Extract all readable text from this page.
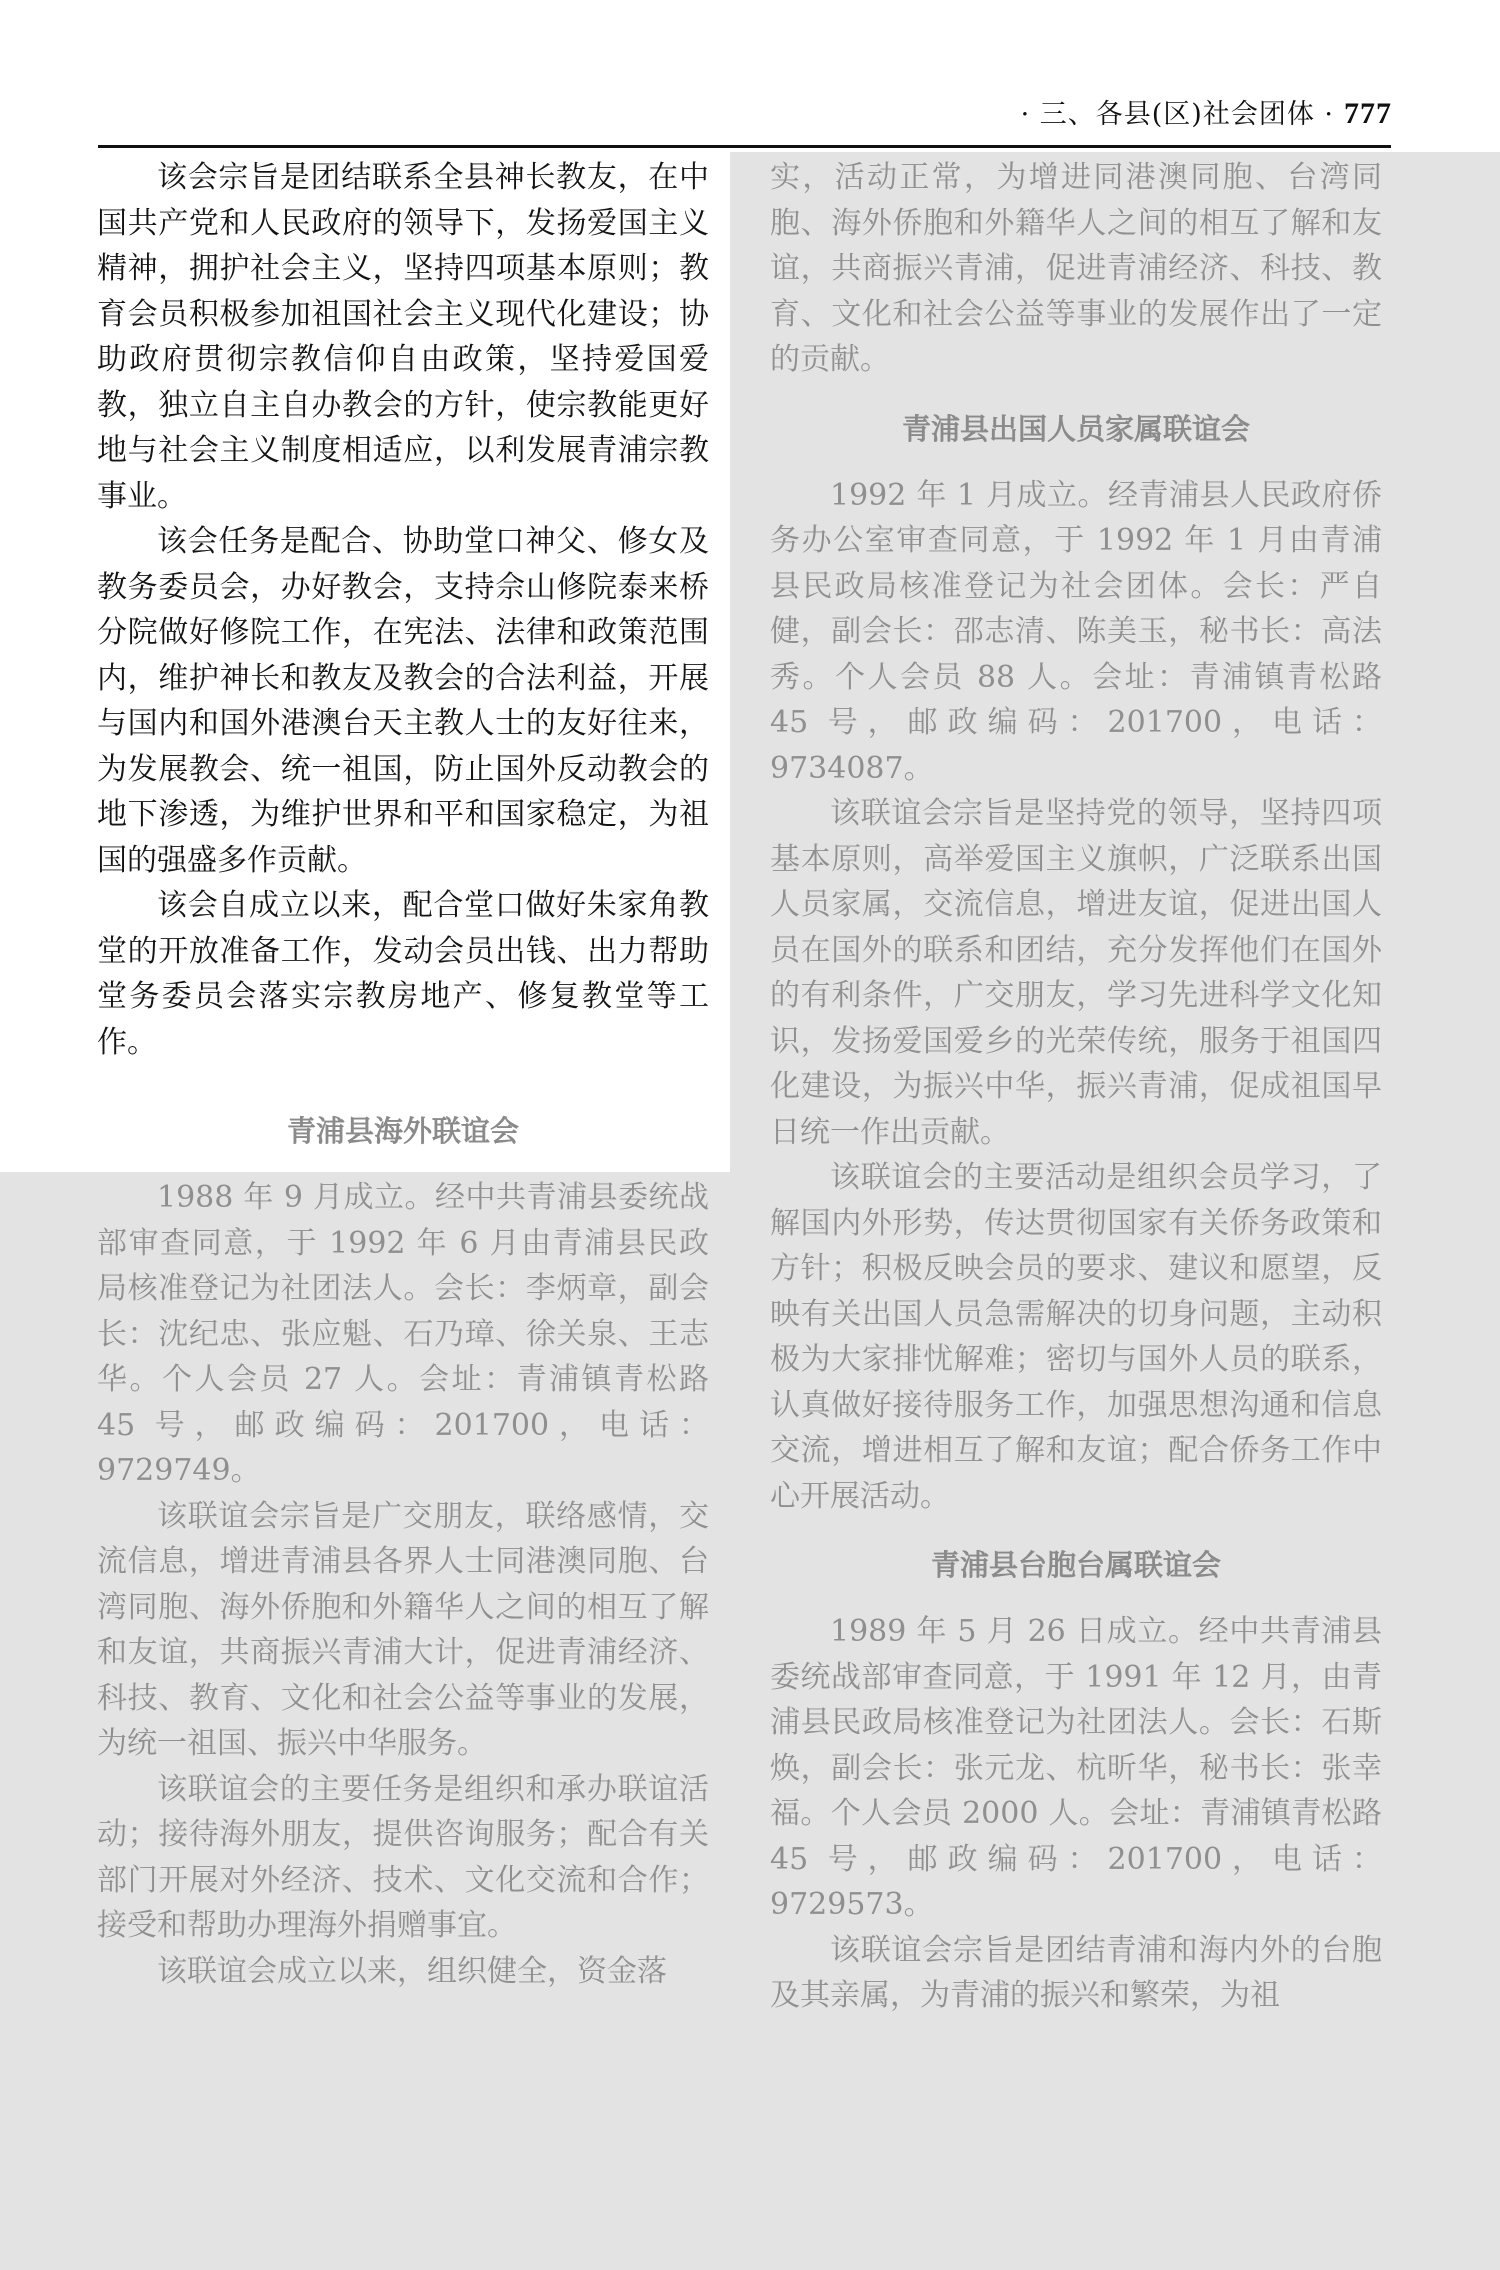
· 三、各县(区)社会团体 · 777

该会宗旨是团结联系全县神长教友，在中国共产党和人民政府的领导下，发扬爱国主义精神，拥护社会主义，坚持四项基本原则；教育会员积极参加祖国社会主义现代化建设；协助政府贯彻宗教信仰自由政策，坚持爱国爱教，独立自主自办教会的方针，使宗教能更好地与社会主义制度相适应，以利发展青浦宗教事业。

该会任务是配合、协助堂口神父、修女及教务委员会，办好教会，支持佘山修院泰来桥分院做好修院工作，在宪法、法律和政策范围内，维护神长和教友及教会的合法利益，开展与国内和国外港澳台天主教人士的友好往来，为发展教会、统一祖国，防止国外反动教会的地下渗透，为维护世界和平和国家稳定，为祖国的强盛多作贡献。

该会自成立以来，配合堂口做好朱家角教堂的开放准备工作，发动会员出钱、出力帮助堂务委员会落实宗教房地产、修复教堂等工作。

青浦县海外联谊会

1988 年 9 月成立。经中共青浦县委统战部审查同意，于 1992 年 6 月由青浦县民政局核准登记为社团法人。会长：李炳章，副会长：沈纪忠、张应魁、石乃璋、徐关泉、王志华。个人会员 27 人。会址：青浦镇青松路 45 号，邮政编码：201700，电话：9729749。

该联谊会宗旨是广交朋友，联络感情，交流信息，增进青浦县各界人士同港澳同胞、台湾同胞、海外侨胞和外籍华人之间的相互了解和友谊，共商振兴青浦大计，促进青浦经济、科技、教育、文化和社会公益等事业的发展，为统一祖国、振兴中华服务。

该联谊会的主要任务是组织和承办联谊活动；接待海外朋友，提供咨询服务；配合有关部门开展对外经济、技术、文化交流和合作；接受和帮助办理海外捐赠事宜。

该联谊会成立以来，组织健全，资金落

实，活动正常，为增进同港澳同胞、台湾同胞、海外侨胞和外籍华人之间的相互了解和友谊，共商振兴青浦，促进青浦经济、科技、教育、文化和社会公益等事业的发展作出了一定的贡献。

青浦县出国人员家属联谊会

1992 年 1 月成立。经青浦县人民政府侨务办公室审查同意，于 1992 年 1 月由青浦县民政局核准登记为社会团体。会长：严自健，副会长：邵志清、陈美玉，秘书长：高法秀。个人会员 88 人。会址：青浦镇青松路 45 号，邮政编码：201700，电话：9734087。

该联谊会宗旨是坚持党的领导，坚持四项基本原则，高举爱国主义旗帜，广泛联系出国人员家属，交流信息，增进友谊，促进出国人员在国外的联系和团结，充分发挥他们在国外的有利条件，广交朋友，学习先进科学文化知识，发扬爱国爱乡的光荣传统，服务于祖国四化建设，为振兴中华，振兴青浦，促成祖国早日统一作出贡献。

该联谊会的主要活动是组织会员学习，了解国内外形势，传达贯彻国家有关侨务政策和方针；积极反映会员的要求、建议和愿望，反映有关出国人员急需解决的切身问题，主动积极为大家排忧解难；密切与国外人员的联系，认真做好接待服务工作，加强思想沟通和信息交流，增进相互了解和友谊；配合侨务工作中心开展活动。

青浦县台胞台属联谊会

1989 年 5 月 26 日成立。经中共青浦县委统战部审查同意，于 1991 年 12 月，由青浦县民政局核准登记为社团法人。会长：石斯焕，副会长：张元龙、杭昕华，秘书长：张幸福。个人会员 2000 人。会址：青浦镇青松路 45 号，邮政编码：201700，电话：9729573。

该联谊会宗旨是团结青浦和海内外的台胞及其亲属，为青浦的振兴和繁荣，为祖
